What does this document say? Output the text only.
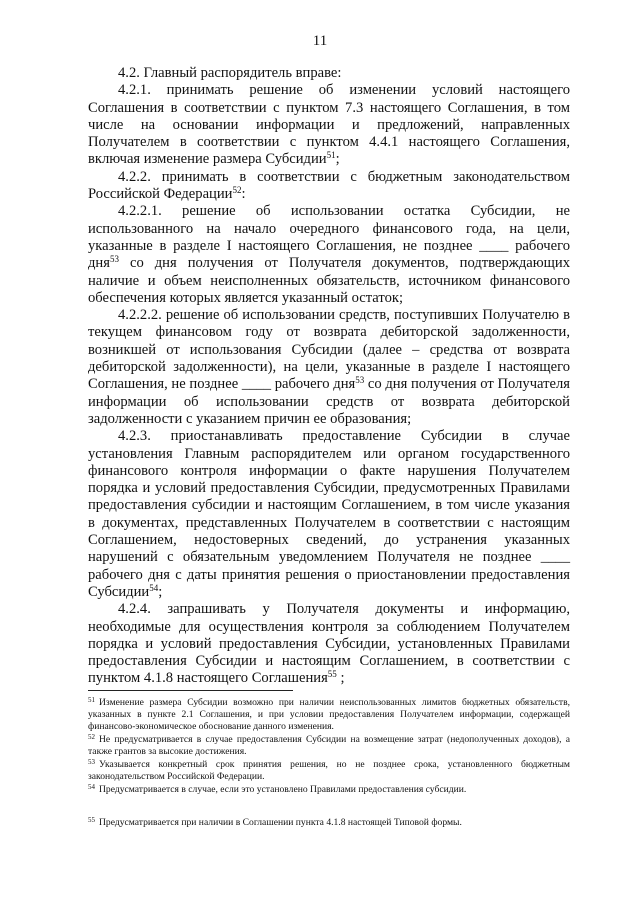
11

4.2. Главный распорядитель вправе:

4.2.1. принимать решение об изменении условий настоящего Соглашения в соответствии с пунктом 7.3 настоящего Соглашения, в том числе на основании информации и предложений, направленных Получателем в соответствии с пунктом 4.4.1 настоящего Соглашения, включая изменение размера Субсидии$^{51}$;

4.2.2. принимать в соответствии с бюджетным законодательством Российской Федерации$^{52}$:

4.2.2.1. решение об использовании остатка Субсидии, не использованного на начало очередного финансового года, на цели, указанные в разделе I настоящего Соглашения, не позднее ____ рабочего дня$^{53}$ со дня получения от Получателя документов, подтверждающих наличие и объем неисполненных обязательств, источником финансового обеспечения которых является указанный остаток;

4.2.2.2. решение об использовании средств, поступивших Получателю в текущем финансовом году от возврата дебиторской задолженности, возникшей от использования Субсидии (далее – средства от возврата дебиторской задолженности), на цели, указанные в разделе I настоящего Соглашения, не позднее ____ рабочего дня$^{53}$ со дня получения от Получателя информации об использовании средств от возврата дебиторской задолженности с указанием причин ее образования;

4.2.3. приостанавливать предоставление Субсидии в случае установления Главным распорядителем или органом государственного финансового контроля информации о факте нарушения Получателем порядка и условий предоставления Субсидии, предусмотренных Правилами предоставления субсидии и настоящим Соглашением, в том числе указания в документах, представленных Получателем в соответствии с настоящим Соглашением, недостоверных сведений, до устранения указанных нарушений с обязательным уведомлением Получателя не позднее ____ рабочего дня с даты принятия решения о приостановлении предоставления Субсидии$^{54}$;

4.2.4. запрашивать у Получателя документы и информацию, необходимые для осуществления контроля за соблюдением Получателем порядка и условий предоставления Субсидии, установленных Правилами предоставления Субсидии и настоящим Соглашением, в соответствии с пунктом 4.1.8 настоящего Соглашения$^{55}$ ;

$^{51}$ Изменение размера Субсидии возможно при наличии неиспользованных лимитов бюджетных обязательств, указанных в пункте 2.1 Соглашения, и при условии предоставления Получателем информации, содержащей финансово-экономическое обоснование данного изменения.

$^{52}$ Не предусматривается в случае предоставления Субсидии на возмещение затрат (недополученных доходов), а также грантов за высокие достижения.

$^{53}$ Указывается конкретный срок принятия решения, но не позднее срока, установленного бюджетным законодательством Российской Федерации.

$^{54}$ Предусматривается в случае, если это установлено Правилами предоставления субсидии.

$^{55}$ Предусматривается при наличии в Соглашении пункта 4.1.8 настоящей Типовой формы.
